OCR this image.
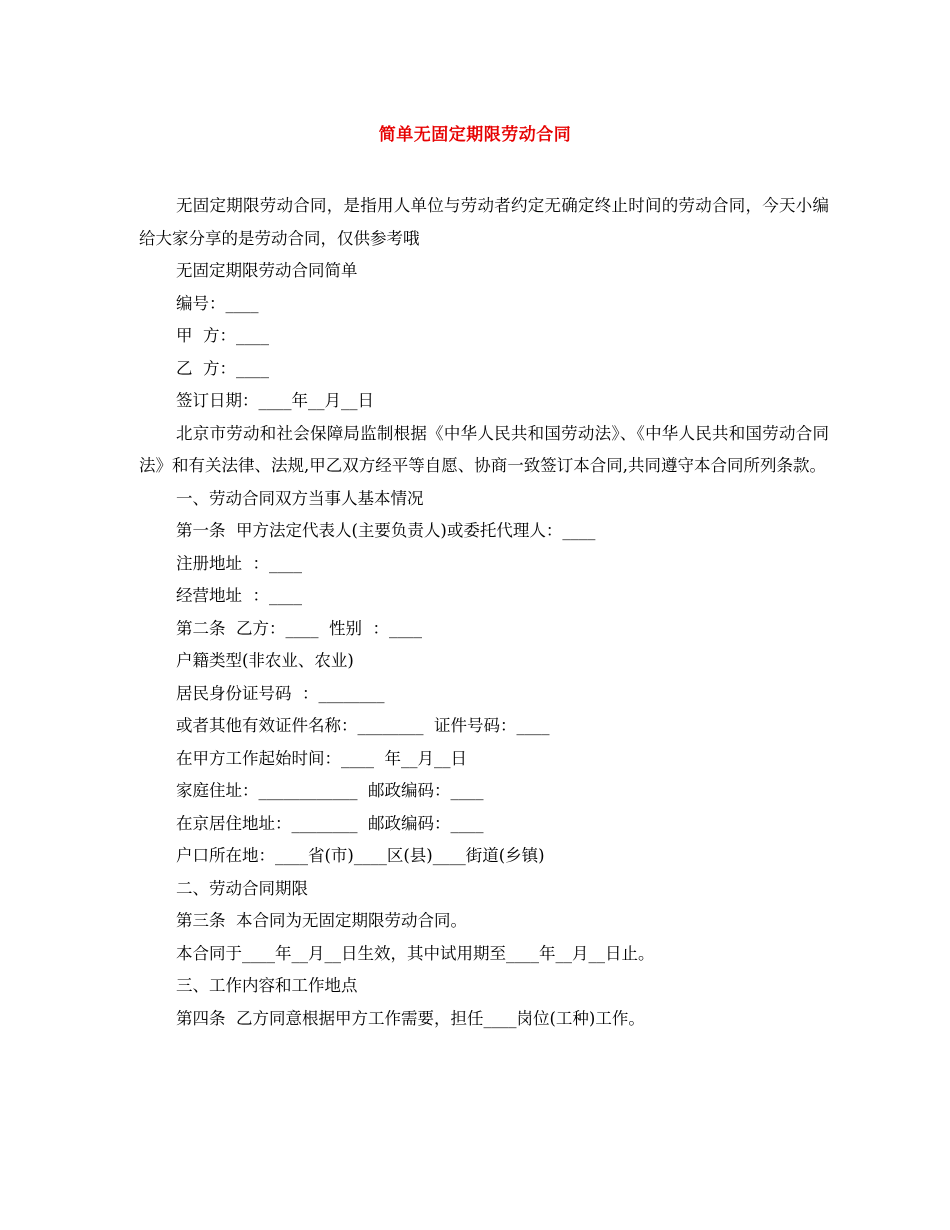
简单无固定期限劳动合同

无固定期限劳动合同，是指用人单位与劳动者约定无确定终止时间的劳动合同，今天小编给大家分享的是劳动合同，仅供参考哦

无固定期限劳动合同简单

编号：____

甲  方：____

乙  方：____

签订日期：____年__月__日

北京市劳动和社会保障局监制根据《中华人民共和国劳动法》、《中华人民共和国劳动合同法》和有关法律、法规,甲乙双方经平等自愿、协商一致签订本合同,共同遵守本合同所列条款。

一、劳动合同双方当事人基本情况

第一条  甲方法定代表人(主要负责人)或委托代理人：____

注册地址  ：____

经营地址  ：____

第二条  乙方：____  性别  ：____

户籍类型(非农业、农业)

居民身份证号码  ：________

或者其他有效证件名称：________  证件号码：____

在甲方工作起始时间：____  年__月__日

家庭住址：____________  邮政编码：____

在京居住地址：________  邮政编码：____

户口所在地：____省(市)____区(县)____街道(乡镇)

二、劳动合同期限

第三条  本合同为无固定期限劳动合同。

本合同于____年__月__日生效，其中试用期至____年__月__日止。

三、工作内容和工作地点

第四条  乙方同意根据甲方工作需要，担任____岗位(工种)工作。
